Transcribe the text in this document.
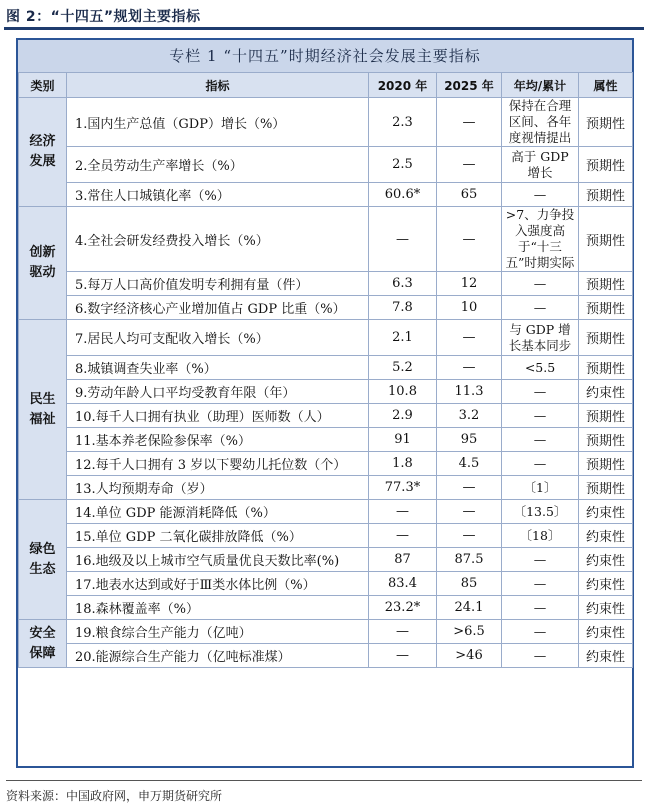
图 2：“十四五”规划主要指标
专栏 1 “十四五”时期经济社会发展主要指标
类别	指标	2020 年	2025 年	年均/累计	属性
经济发展	1.国内生产总值（GDP）增长（%）	2.3	—	保持在合理区间、各年度视情提出	预期性
	2.全员劳动生产率增长（%）	2.5	—	高于 GDP 增长	预期性
	3.常住人口城镇化率（%）	60.6*	65	—	预期性
创新驱动	4.全社会研发经费投入增长（%）	—	—	>7、力争投入强度高于“十三五”时期实际	预期性
	5.每万人口高价值发明专利拥有量（件）	6.3	12	—	预期性
	6.数字经济核心产业增加值占 GDP 比重（%）	7.8	10	—	预期性
民生福祉	7.居民人均可支配收入增长（%）	2.1	—	与 GDP 增长基本同步	预期性
	8.城镇调查失业率（%）	5.2	—	<5.5	预期性
	9.劳动年龄人口平均受教育年限（年）	10.8	11.3	—	约束性
	10.每千人口拥有执业（助理）医师数（人）	2.9	3.2	—	预期性
	11.基本养老保险参保率（%）	91	95	—	预期性
	12.每千人口拥有 3 岁以下婴幼儿托位数（个）	1.8	4.5	—	预期性
	13.人均预期寿命（岁）	77.3*	—	〔1〕	预期性
绿色生态	14.单位 GDP 能源消耗降低（%）	—	—	〔13.5〕	约束性
	15.单位 GDP 二氧化碳排放降低（%）	—	—	〔18〕	约束性
	16.地级及以上城市空气质量优良天数比率(%)	87	87.5	—	约束性
	17.地表水达到或好于Ⅲ类水体比例（%）	83.4	85	—	约束性
	18.森林覆盖率（%）	23.2*	24.1	—	约束性
安全保障	19.粮食综合生产能力（亿吨）	—	>6.5	—	约束性
	20.能源综合生产能力（亿吨标准煤）	—	>46	—	约束性
资料来源：中国政府网，申万期货研究所
